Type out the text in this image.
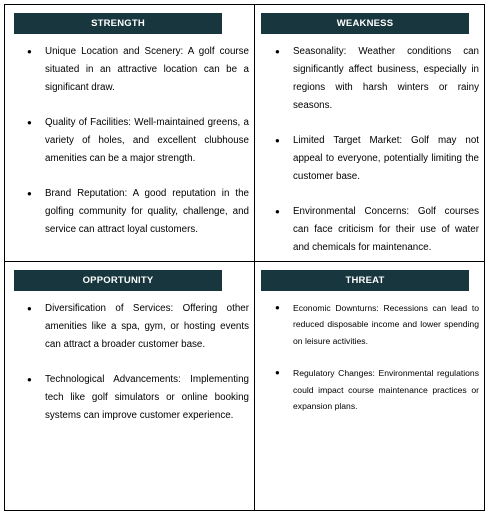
STRENGTH
● Unique Location and Scenery: A golf course situated in an attractive location can be a significant draw.
● Quality of Facilities: Well-maintained greens, a variety of holes, and excellent clubhouse amenities can be a major strength.
● Brand Reputation: A good reputation in the golfing community for quality, challenge, and service can attract loyal customers.
WEAKNESS
● Seasonality: Weather conditions can significantly affect business, especially in regions with harsh winters or rainy seasons.
● Limited Target Market: Golf may not appeal to everyone, potentially limiting the customer base.
● Environmental Concerns: Golf courses can face criticism for their use of water and chemicals for maintenance.
OPPORTUNITY
● Diversification of Services: Offering other amenities like a spa, gym, or hosting events can attract a broader customer base.
● Technological Advancements: Implementing tech like golf simulators or online booking systems can improve customer experience.
THREAT
● Economic Downturns: Recessions can lead to reduced disposable income and lower spending on leisure activities.
● Regulatory Changes: Environmental regulations could impact course maintenance practices or expansion plans.
